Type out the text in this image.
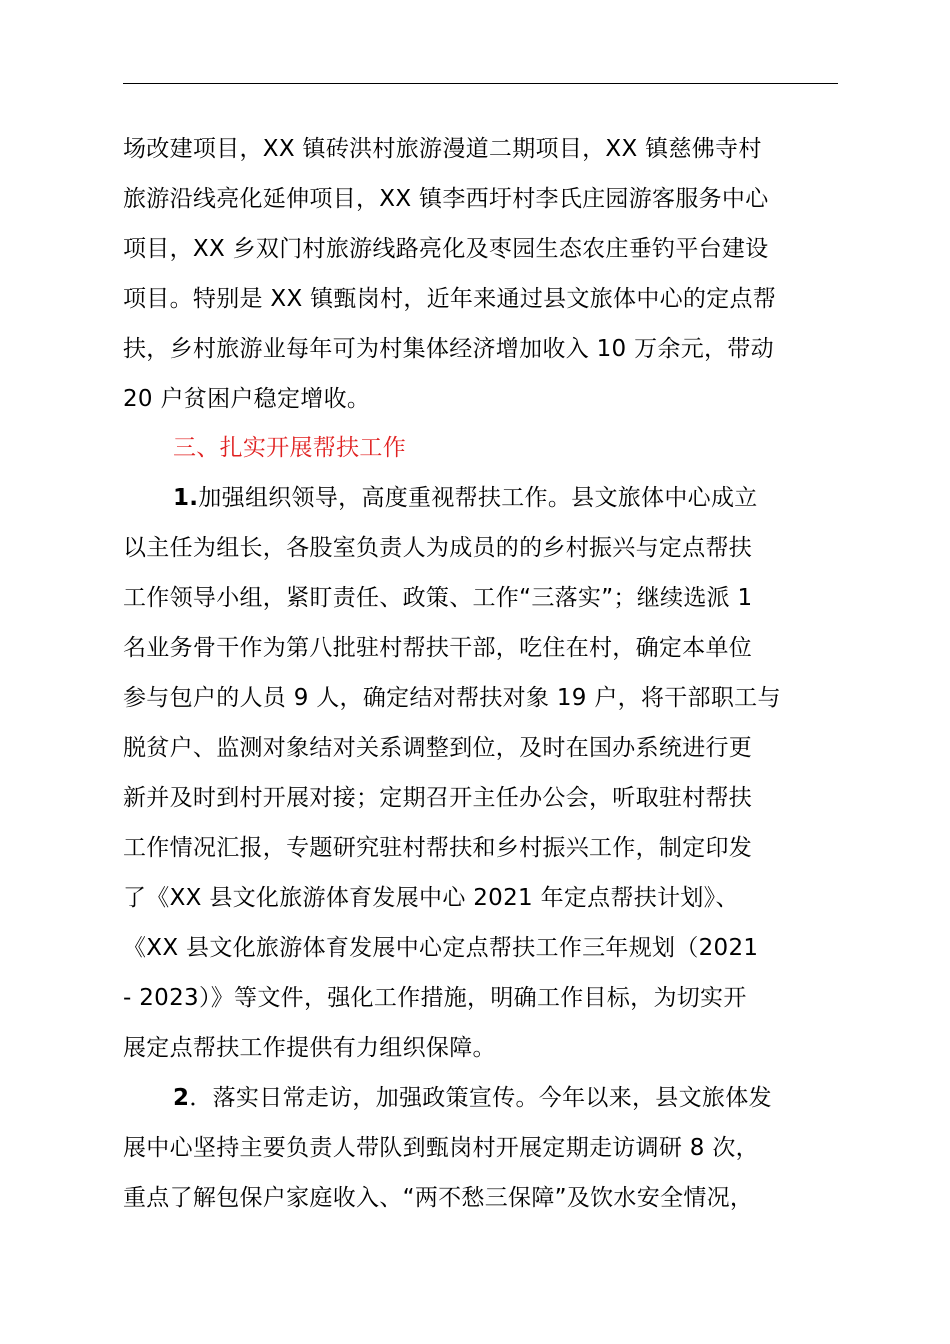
场改建项目，XX 镇砖洪村旅游漫道二期项目，XX 镇慈佛寺村
旅游沿线亮化延伸项目，XX 镇李西圩村李氏庄园游客服务中心
项目，XX 乡双门村旅游线路亮化及枣园生态农庄垂钓平台建设
项目。特别是 XX 镇甄岗村，近年来通过县文旅体中心的定点帮
扶，乡村旅游业每年可为村集体经济增加收入 10 万余元，带动
20 户贫困户稳定增收。
三、扎实开展帮扶工作
1.加强组织领导，高度重视帮扶工作。县文旅体中心成立
以主任为组长，各股室负责人为成员的的乡村振兴与定点帮扶
工作领导小组，紧盯责任、政策、工作“三落实”；继续选派 1
名业务骨干作为第八批驻村帮扶干部，吃住在村，确定本单位
参与包户的人员 9 人，确定结对帮扶对象 19 户，将干部职工与
脱贫户、监测对象结对关系调整到位，及时在国办系统进行更
新并及时到村开展对接；定期召开主任办公会，听取驻村帮扶
工作情况汇报，专题研究驻村帮扶和乡村振兴工作，制定印发
了《XX 县文化旅游体育发展中心 2021 年定点帮扶计划》、
《XX 县文化旅游体育发展中心定点帮扶工作三年规划（2021
- 2023）》等文件，强化工作措施，明确工作目标，为切实开
展定点帮扶工作提供有力组织保障。
2．落实日常走访，加强政策宣传。今年以来，县文旅体发
展中心坚持主要负责人带队到甄岗村开展定期走访调研 8 次，
重点了解包保户家庭收入、“两不愁三保障”及饮水安全情况，
